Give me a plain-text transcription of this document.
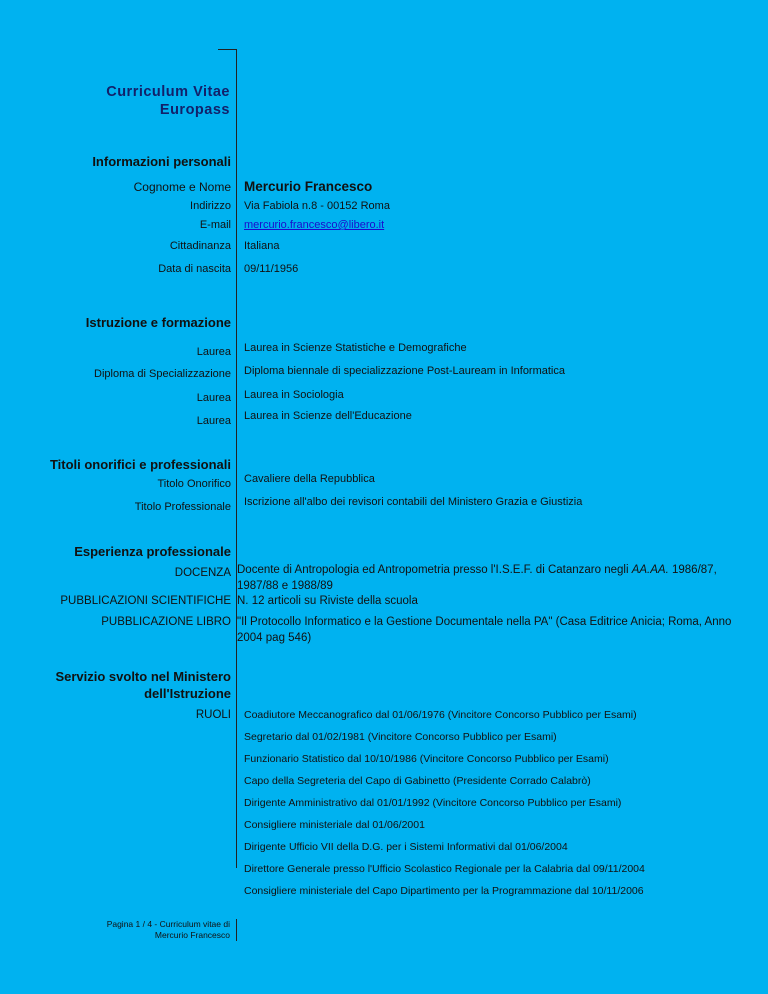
Curriculum Vitae
Europass
Informazioni personali
Cognome e Nome Mercurio Francesco
Indirizzo Via Fabiola n.8 - 00152 Roma
E-mail mercurio.francesco@libero.it
Cittadinanza Italiana
Data di nascita 09/11/1956
Istruzione e formazione
Laurea Laurea in Scienze Statistiche e Demografiche
Diploma di Specializzazione Diploma biennale di specializzazione Post-Lauream in Informatica
Laurea Laurea in Sociologia
Laurea Laurea in Scienze dell'Educazione
Titoli onorifici e professionali
Titolo Onorifico Cavaliere della Repubblica
Titolo Professionale Iscrizione all'albo dei revisori contabili del Ministero Grazia e Giustizia
Esperienza professionale
DOCENZA Docente di Antropologia ed Antropometria presso l'I.S.E.F. di Catanzaro negli AA.AA. 1986/87,
1987/88 e 1988/89
PUBBLICAZIONI SCIENTIFICHE N. 12 articoli su Riviste della scuola
PUBBLICAZIONE LIBRO "Il Protocollo Informatico e la Gestione Documentale nella PA" (Casa Editrice Anicia; Roma, Anno
2004 pag 546)
Servizio svolto nel Ministero
dell'Istruzione
RUOLI Coadiutore Meccanografico dal 01/06/1976 (Vincitore Concorso Pubblico per Esami)
Segretario dal 01/02/1981 (Vincitore Concorso Pubblico per Esami)
Funzionario Statistico dal 10/10/1986 (Vincitore Concorso Pubblico per Esami)
Capo della Segreteria del Capo di Gabinetto (Presidente Corrado Calabrò)
Dirigente Amministrativo dal 01/01/1992 (Vincitore Concorso Pubblico per Esami)
Consigliere ministeriale dal 01/06/2001
Dirigente Ufficio VII della D.G. per i Sistemi Informativi dal 01/06/2004
Direttore Generale presso l'Ufficio Scolastico Regionale per la Calabria dal 09/11/2004
Consigliere ministeriale del Capo Dipartimento per la Programmazione dal 10/11/2006
Pagina 1 / 4 - Curriculum vitae di
Mercurio Francesco
